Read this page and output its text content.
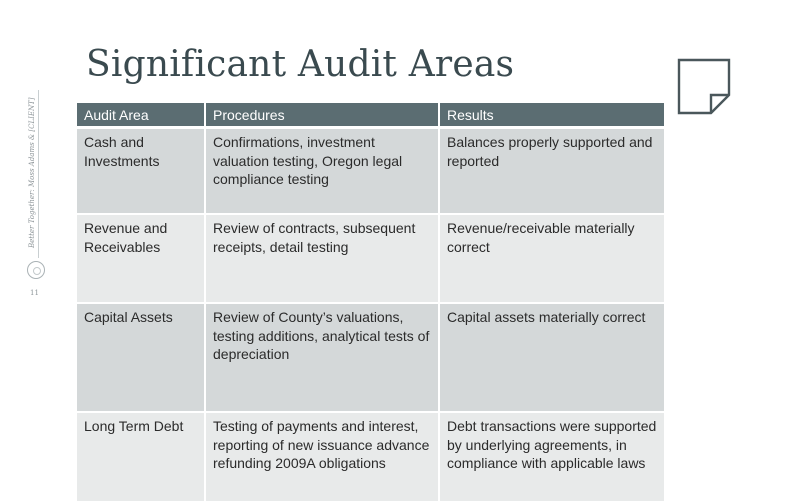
Significant Audit Areas
Better Together: Moss Adams & [CLIENT]
11
Audit Area	Procedures	Results
Cash and Investments	Confirmations, investment valuation testing, Oregon legal compliance testing	Balances properly supported and reported
Revenue and Receivables	Review of contracts, subsequent receipts, detail testing	Revenue/receivable materially correct
Capital Assets	Review of County’s valuations, testing additions, analytical tests of depreciation	Capital assets materially correct
Long Term Debt	Testing of payments and interest, reporting of new issuance advance refunding 2009A obligations	Debt transactions were supported by underlying agreements, in compliance with applicable laws
